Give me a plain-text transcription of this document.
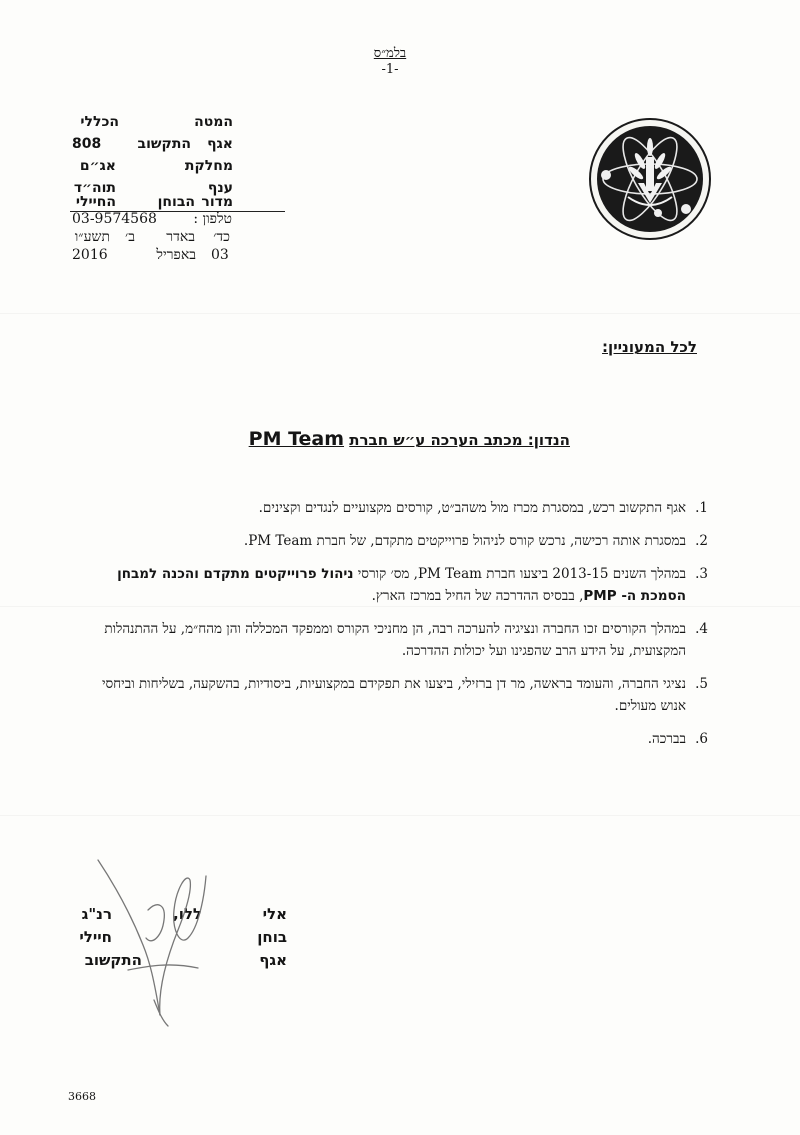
בלמ״ס
-1-
המטה
הכללי
אגף
התקשוב
808
מחלקת
אג״ם
ענף
תוה״ד
מדור
הבוחן
החיילי
טלפון :
03-9574568
כד׳
באדר
ב׳
תשע״ו
03
באפריל
2016
לכל המעוניין:
הנדון: מכתב הערכה ע״ש חברת PM Team
1.
אגף התקשוב רכש, במסגרת מכרז מול משהב״ט, קורסים מקצועיים לנגדים וקצינים.
2.
במסגרת אותה רכישה, נרכש קורס לניהול פרוייקטים מתקדם, של חברת PM Team.
3.
במהלך השנים 2013-15 ביצעו חברת PM Team, מס׳ קורסי ניהול פרוייקטים מתקדם והכנה למבחן הסמכת ה- PMP, בבסיס ההדרכה של החיל במרכז הארץ.
4.
במהלך הקורסים זכו החברה ונציגיה להערכה רבה, הן מחניכי הקורס וממפקד המכללה והן מהח״מ, על ההתנהלות המקצועית, על הידע הרב שהפגינו ועל יכולות ההדרכה.
5.
נציגי החברה, והעומד בראשה, מר דן ברזילי, ביצעו את תפקידם במקצועיות, ביסודיות, בהשקעה, בשליחות וביחסי אנוש מעולים.
6.
בברכה.
אלי
ללו,
רנ"ג
בוחן
חיילי
אגף
התקשוב
3668
